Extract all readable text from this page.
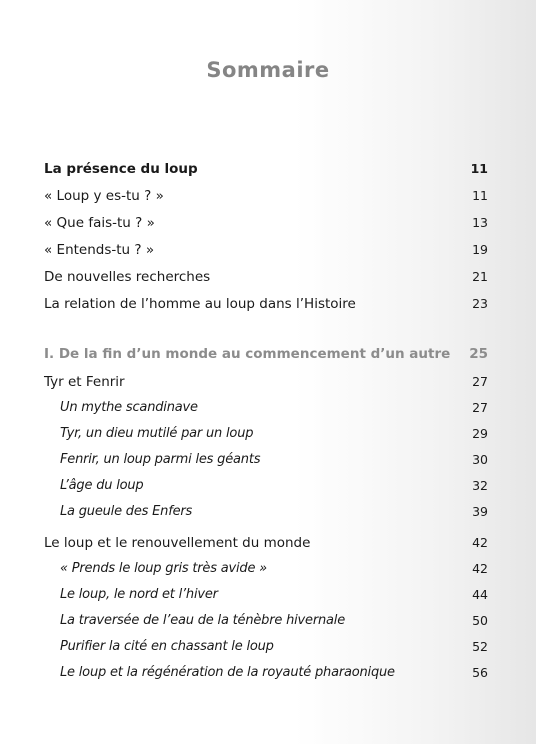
Sommaire
La présence du loup	11
« Loup y es-tu ? »	11
« Que fais-tu ? »	13
« Entends-tu ? »	19
De nouvelles recherches	21
La relation de l’homme au loup dans l’Histoire	23
I. De la fin d’un monde au commencement d’un autre 25
Tyr et Fenrir	27
Un mythe scandinave	27
Tyr, un dieu mutilé par un loup	29
Fenrir, un loup parmi les géants	30
L’âge du loup	32
La gueule des Enfers	39
Le loup et le renouvellement du monde	42
« Prends le loup gris très avide »	42
Le loup, le nord et l’hiver	44
La traversée de l’eau de la ténèbre hivernale	50
Purifier la cité en chassant le loup	52
Le loup et la régénération de la royauté pharaonique	56
